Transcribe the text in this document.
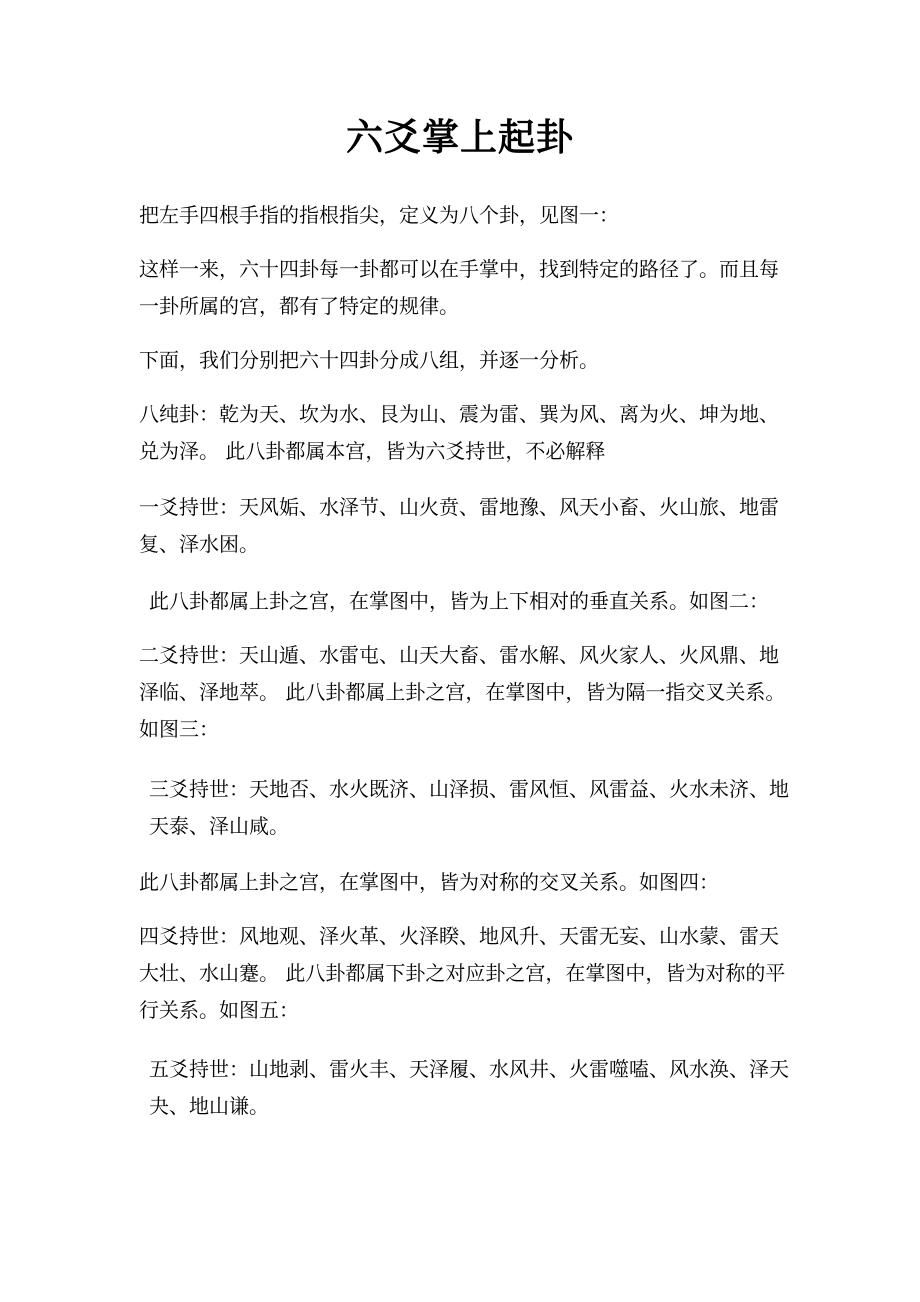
六爻掌上起卦

把左手四根手指的指根指尖，定义为八个卦，见图一：

这样一来，六十四卦每一卦都可以在手掌中，找到特定的路径了。而且每一卦所属的宫，都有了特定的规律。

下面，我们分别把六十四卦分成八组，并逐一分析。

八纯卦：乾为天、坎为水、艮为山、震为雷、巽为风、离为火、坤为地、兑为泽。 此八卦都属本宫，皆为六爻持世，不必解释

一爻持世：天风姤、水泽节、山火贲、雷地豫、风天小畜、火山旅、地雷复、泽水困。

此八卦都属上卦之宫，在掌图中，皆为上下相对的垂直关系。如图二：

二爻持世：天山遁、水雷屯、山天大畜、雷水解、风火家人、火风鼎、地泽临、泽地萃。 此八卦都属上卦之宫，在掌图中，皆为隔一指交叉关系。如图三：

三爻持世：天地否、水火既济、山泽损、雷风恒、风雷益、火水未济、地天泰、泽山咸。

此八卦都属上卦之宫，在掌图中，皆为对称的交叉关系。如图四：

四爻持世：风地观、泽火革、火泽睽、地风升、天雷无妄、山水蒙、雷天大壮、水山蹇。 此八卦都属下卦之对应卦之宫，在掌图中，皆为对称的平行关系。如图五：

五爻持世：山地剥、雷火丰、天泽履、水风井、火雷噬嗑、风水涣、泽天夬、地山谦。
